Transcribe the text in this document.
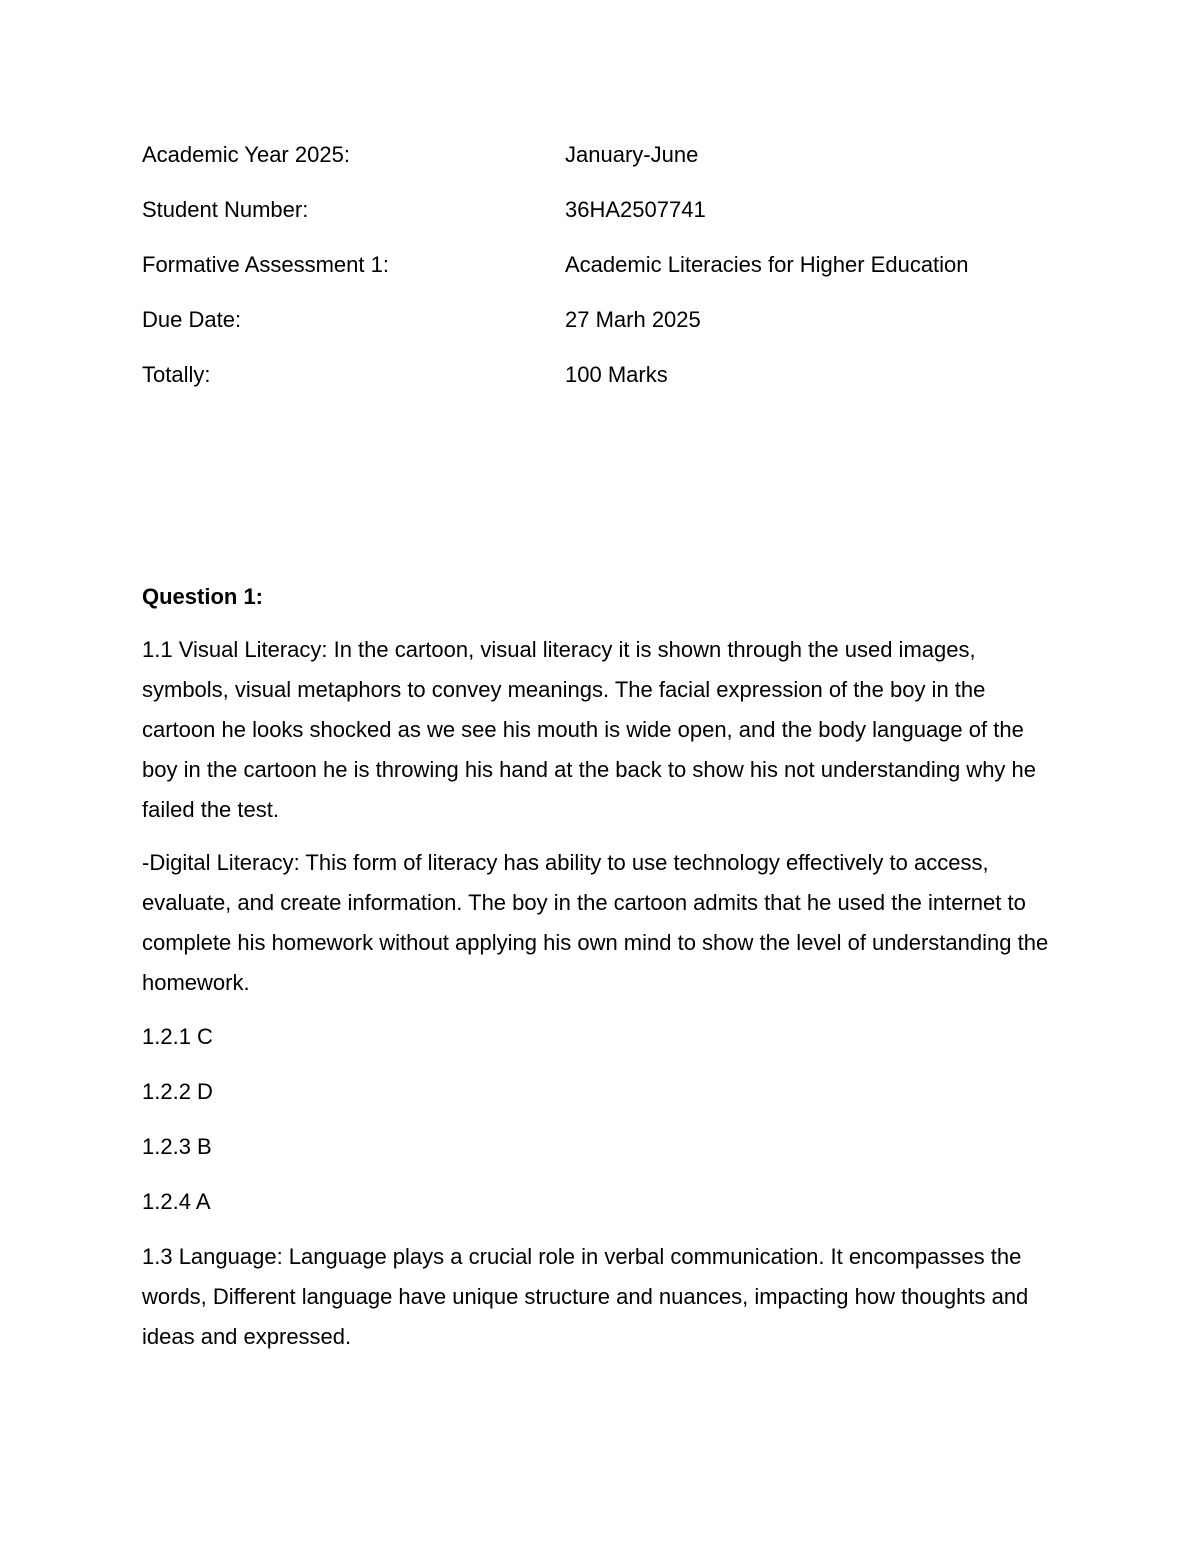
Academic Year 2025:	January-June
Student Number:	36HA2507741
Formative Assessment 1:	Academic Literacies for Higher Education
Due Date:	27 Marh 2025
Totally:	100 Marks
Question 1:

1.1 Visual Literacy: In the cartoon, visual literacy it is shown through the used images, symbols, visual metaphors to convey meanings. The facial expression of the boy in the cartoon he looks shocked as we see his mouth is wide open, and the body language of the boy in the cartoon he is throwing his hand at the back to show his not understanding why he failed the test.

-Digital Literacy: This form of literacy has ability to use technology effectively to access, evaluate, and create information. The boy in the cartoon admits that he used the internet to complete his homework without applying his own mind to show the level of understanding the homework.

1.2.1 C
1.2.2 D
1.2.3 B
1.2.4 A

1.3 Language: Language plays a crucial role in verbal communication. It encompasses the words, Different language have unique structure and nuances, impacting how thoughts and ideas and expressed.
